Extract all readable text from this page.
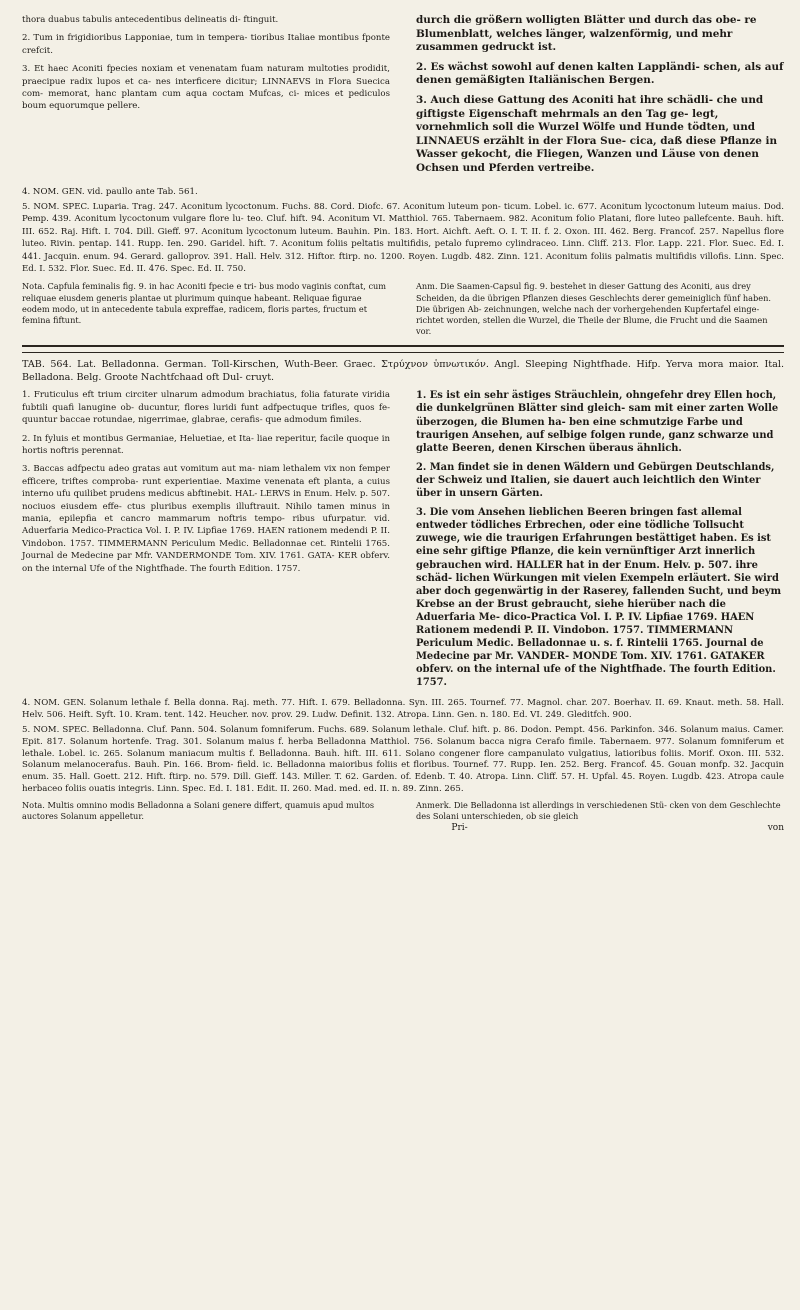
thora duabus tabulis antecedentibus delineatis di- ftinguit.

2. Tum in frigidioribus Lapponiae, tum in tempera- tioribus Italiae montibus fponte crefcit.

3. Et haec Aconiti fpecies noxiam et venenatam fuam naturam multoties prodidit, praecipue radix lupos et ca- nes interficere dicitur; LINNAEVS in Flora Suecica com- memorat, hanc plantam cum aqua coctam Mufcas, ci- mices et pediculos boum equorumque pellere.

durch die größern wolligten Blätter und durch das obe- re Blumenblatt, welches länger, walzenförmig, und mehr zusammen gedruckt ist.

2. Es wächst sowohl auf denen kalten Lappländi- schen, als auf denen gemäßigten Italiänischen Bergen.

3. Auch diese Gattung des Aconiti hat ihre schädli- che und giftigste Eigenschaft mehrmals an den Tag ge- legt, vornehmlich soll die Wurzel Wölfe und Hunde tödten, und LINNAEUS erzählt in der Flora Sue- cica, daß diese Pflanze in Wasser gekocht, die Fliegen, Wanzen und Läuse von denen Ochsen und Pferden vertreibe.

4. NOM. GEN. vid. paullo ante Tab. 561.

5. NOM. SPEC. Luparia. Trag. 247. Aconitum lycoctonum. Fuchs. 88. Cord. Diofc. 67. Aconitum luteum pon- ticum. Lobel. ic. 677. Aconitum lycoctonum luteum maius. Dod. Pemp. 439. Aconitum lycoctonum vulgare flore lu- teo. Cluf. hift. 94. Aconitum VI. Matthiol. 765. Tabernaem. 982. Aconitum folio Platani, flore luteo pallefcente. Bauh. hift. III. 652. Raj. Hift. I. 704. Dill. Gieff. 97. Aconitum lycoctonum luteum. Bauhin. Pin. 183. Hort. Aichft. Aeft. O. I. T. II. f. 2. Oxon. III. 462. Berg. Francof. 257. Napellus flore luteo. Rivin. pentap. 141. Rupp. Ien. 290. Garidel. hift. 7. Aconitum foliis peltatis multifidis, petalo fupremo cylindraceo. Linn. Cliff. 213. Flor. Lapp. 221. Flor. Suec. Ed. I. 441. Jacquin. enum. 94. Gerard. galloprov. 391. Hall. Helv. 312. Hiftor. ftirp. no. 1200. Royen. Lugdb. 482. Zinn. 121. Aconitum foliis palmatis multifidis villofis. Linn. Spec. Ed. I. 532. Flor. Suec. Ed. II. 476. Spec. Ed. II. 750.

Nota. Capfula feminalis fig. 9. in hac Aconiti fpecie e tri- bus modo vaginis conftat, cum reliquae eiusdem generis plantae ut plurimum quinque habeant. Reliquae figurae eodem modo, ut in antecedente tabula expreffae, radicem, floris partes, fructum et femina fiftunt.

Anm. Die Saamen-Capsul fig. 9. bestehet in dieser Gattung des Aconiti, aus drey Scheiden, da die übrigen Pflanzen dieses Geschlechts derer gemeiniglich fünf haben. Die übrigen Ab- zeichnungen, welche nach der vorhergehenden Kupfertafel einge- richtet worden, stellen die Wurzel, die Theile der Blume, die Frucht und die Saamen vor.

TAB. 564. Lat. Belladonna. German. Toll-Kirschen, Wuth-Beer. Graec. Στρύχνον ὑπνωτικόν. Angl. Sleeping Nightfhade. Hifp. Yerva mora maior. Ital. Belladona. Belg. Groote Nachtfchaad oft Dul- cruyt.

1. Fruticulus eft trium circiter ulnarum admodum brachiatus, folia faturate viridia fubtili quafi lanugine ob- ducuntur, flores luridi funt adfpectuque trifles, quos fe- quuntur baccae rotundae, nigerrimae, glabrae, cerafis- que admodum fimiles.

2. In fyluis et montibus Germaniae, Heluetiae, et Ita- liae reperitur, facile quoque in hortis noftris perennat.

3. Baccas adfpectu adeo gratas aut vomitum aut ma- niam lethalem vix non femper efficere, triftes comproba- runt experientiae. Maxime venenata eft planta, a cuius interno ufu quilibet prudens medicus abftinebit. HAL- LERVS in Enum. Helv. p. 507. nociuos eiusdem effe- ctus pluribus exemplis illuftrauit. Nihilo tamen minus in mania, epilepfia et cancro mammarum noftris tempo- ribus ufurpatur. vid. Aduerfaria Medico-Practica Vol. I. P. IV. Lipfiae 1769. HAEN rationem medendi P. II. Vindobon. 1757. TIMMERMANN Periculum Medic. Belladonnae cet. Rintelii 1765. Journal de Medecine par Mfr. VANDERMONDE Tom. XIV. 1761. GATA- KER obferv. on the internal Ufe of the Nightfhade. The fourth Edition. 1757.

1. Es ist ein sehr ästiges Sträuchlein, ohngefehr drey Ellen hoch, die dunkelgrünen Blätter sind gleich- sam mit einer zarten Wolle überzogen, die Blumen ha- ben eine schmutzige Farbe und traurigen Ansehen, auf selbige folgen runde, ganz schwarze und glatte Beeren, denen Kirschen überaus ähnlich.

2. Man findet sie in denen Wäldern und Gebürgen Deutschlands, der Schweiz und Italien, sie dauert auch leichtlich den Winter über in unsern Gärten.

3. Die vom Ansehen lieblichen Beeren bringen fast allemal entweder tödliches Erbrechen, oder eine tödliche Tollsucht zuwege, wie die traurigen Erfahrungen bestättiget haben. Es ist eine sehr giftige Pflanze, die kein vernünftiger Arzt innerlich gebrauchen wird. HALLER hat in der Enum. Helv. p. 507. ihre schäd- lichen Würkungen mit vielen Exempeln erläutert. Sie wird aber doch gegenwärtig in der Raserey, fallenden Sucht, und beym Krebse an der Brust gebraucht, siehe hierüber nach die Aduerfaria Me- dico-Practica Vol. I. P. IV. Lipfiae 1769. HAEN Rationem medendi P. II. Vindobon. 1757. TIMMERMANN Periculum Medic. Belladonnae u. s. f. Rintelii 1765. Journal de Medecine par Mr. VANDER- MONDE Tom. XIV. 1761. GATAKER obferv. on the internal ufe of the Nightfhade. The fourth Edition. 1757.

4. NOM. GEN. Solanum lethale f. Bella donna. Raj. meth. 77. Hift. I. 679. Belladonna. Syn. III. 265. Tournef. 77. Magnol. char. 207. Boerhav. II. 69. Knaut. meth. 58. Hall. Helv. 506. Heift. Syft. 10. Kram. tent. 142. Heucher. nov. prov. 29. Ludw. Definit. 132. Atropa. Linn. Gen. n. 180. Ed. VI. 249. Gleditfch. 900.

5. NOM. SPEC. Belladonna. Cluf. Pann. 504. Solanum fomniferum. Fuchs. 689. Solanum lethale. Cluf. hift. p. 86. Dodon. Pempt. 456. Parkinfon. 346. Solanum maius. Camer. Epit. 817. Solanum hortenfe. Trag. 301. Solanum maius f. herba Belladonna Matthiol. 756. Solanum bacca nigra Cerafo fimile. Tabernaem. 977. Solanum fomniferum et lethale. Lobel. ic. 265. Solanum maniacum multis f. Belladonna. Bauh. hift. III. 611. Solano congener flore campanulato vulgatius, latioribus foliis. Morif. Oxon. III. 532. Solanum melanocerafus. Bauh. Pin. 166. Brom- field. ic. Belladonna maioribus foliis et floribus. Tournef. 77. Rupp. Ien. 252. Berg. Francof. 45. Gouan monfp. 32. Jacquin enum. 35. Hall. Goett. 212. Hift. ftirp. no. 579. Dill. Gieff. 143. Miller. T. 62. Garden. of. Edenb. T. 40. Atropa. Linn. Cliff. 57. H. Upfal. 45. Royen. Lugdb. 423. Atropa caule herbaceo foliis ouatis integris. Linn. Spec. Ed. I. 181. Edit. II. 260. Mad. med. ed. II. n. 89. Zinn. 265.

Nota. Multis omnino modis Belladonna a Solani genere differt, quamuis apud multos auctores Solanum appelletur.

Anmerk. Die Belladonna ist allerdings in verschiedenen Stü- cken von dem Geschlechte des Solani unterschieden, ob sie gleich

Pri-	von
